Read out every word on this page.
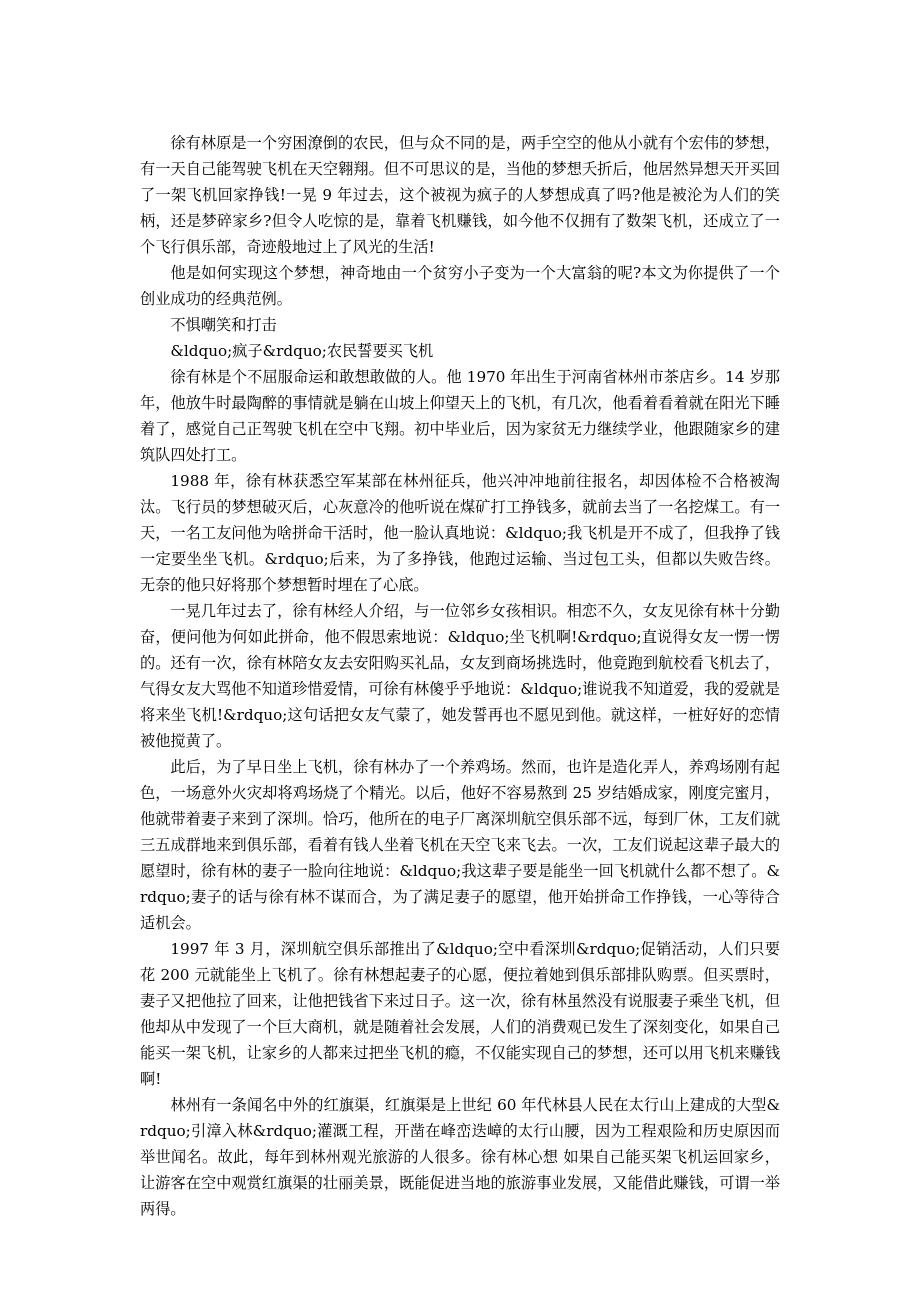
徐有林原是一个穷困潦倒的农民，但与众不同的是，两手空空的他从小就有个宏伟的梦想，有一天自己能驾驶飞机在天空翱翔。但不可思议的是，当他的梦想夭折后，他居然异想天开买回了一架飞机回家挣钱!一晃 9 年过去，这个被视为疯子的人梦想成真了吗?他是被沦为人们的笑柄，还是梦碎家乡?但令人吃惊的是，靠着飞机赚钱，如今他不仅拥有了数架飞机，还成立了一个飞行俱乐部，奇迹般地过上了风光的生活!

他是如何实现这个梦想，神奇地由一个贫穷小子变为一个大富翁的呢?本文为你提供了一个创业成功的经典范例。

不惧嘲笑和打击

&ldquo;疯子&rdquo;农民誓要买飞机

徐有林是个不屈服命运和敢想敢做的人。他 1970 年出生于河南省林州市茶店乡。14 岁那年，他放牛时最陶醉的事情就是躺在山坡上仰望天上的飞机，有几次，他看着看着就在阳光下睡着了，感觉自己正驾驶飞机在空中飞翔。初中毕业后，因为家贫无力继续学业，他跟随家乡的建筑队四处打工。

1988 年，徐有林获悉空军某部在林州征兵，他兴冲冲地前往报名，却因体检不合格被淘汰。飞行员的梦想破灭后，心灰意冷的他听说在煤矿打工挣钱多，就前去当了一名挖煤工。有一天，一名工友问他为啥拼命干活时，他一脸认真地说：&ldquo;我飞机是开不成了，但我挣了钱一定要坐坐飞机。&rdquo;后来，为了多挣钱，他跑过运输、当过包工头，但都以失败告终。无奈的他只好将那个梦想暂时埋在了心底。

一晃几年过去了，徐有林经人介绍，与一位邻乡女孩相识。相恋不久，女友见徐有林十分勤奋，便问他为何如此拼命，他不假思索地说：&ldquo;坐飞机啊!&rdquo;直说得女友一愣一愣的。还有一次，徐有林陪女友去安阳购买礼品，女友到商场挑选时，他竟跑到航校看飞机去了，气得女友大骂他不知道珍惜爱情，可徐有林傻乎乎地说：&ldquo;谁说我不知道爱，我的爱就是将来坐飞机!&rdquo;这句话把女友气蒙了，她发誓再也不愿见到他。就这样，一桩好好的恋情被他搅黄了。

此后，为了早日坐上飞机，徐有林办了一个养鸡场。然而，也许是造化弄人，养鸡场刚有起色，一场意外火灾却将鸡场烧了个精光。以后，他好不容易熬到 25 岁结婚成家，刚度完蜜月，他就带着妻子来到了深圳。恰巧，他所在的电子厂离深圳航空俱乐部不远，每到厂休，工友们就三五成群地来到俱乐部，看着有钱人坐着飞机在天空飞来飞去。一次，工友们说起这辈子最大的愿望时，徐有林的妻子一脸向往地说：&ldquo;我这辈子要是能坐一回飞机就什么都不想了。&rdquo;妻子的话与徐有林不谋而合，为了满足妻子的愿望，他开始拼命工作挣钱，一心等待合适机会。

1997 年 3 月，深圳航空俱乐部推出了&ldquo;空中看深圳&rdquo;促销活动，人们只要花 200 元就能坐上飞机了。徐有林想起妻子的心愿，便拉着她到俱乐部排队购票。但买票时，妻子又把他拉了回来，让他把钱省下来过日子。这一次，徐有林虽然没有说服妻子乘坐飞机，但他却从中发现了一个巨大商机，就是随着社会发展，人们的消费观已发生了深刻变化，如果自己能买一架飞机，让家乡的人都来过把坐飞机的瘾，不仅能实现自己的梦想，还可以用飞机来赚钱啊!

林州有一条闻名中外的红旗渠，红旗渠是上世纪 60 年代林县人民在太行山上建成的大型&rdquo;引漳入林&rdquo;灌溉工程，开凿在峰峦迭嶂的太行山腰，因为工程艰险和历史原因而举世闻名。故此，每年到林州观光旅游的人很多。徐有林心想 如果自己能买架飞机运回家乡，让游客在空中观赏红旗渠的壮丽美景，既能促进当地的旅游事业发展，又能借此赚钱，可谓一举两得。
